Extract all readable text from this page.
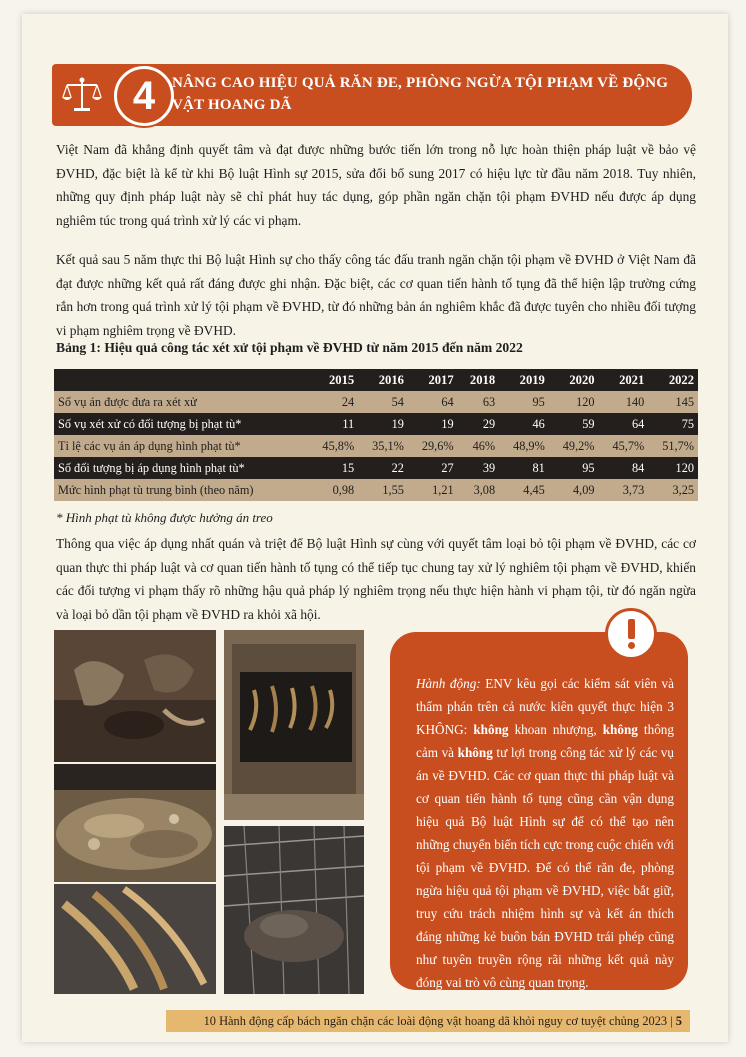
4	NÂNG CAO HIỆU QUẢ RĂN ĐE, PHÒNG NGỪA TỘI PHẠM VỀ ĐỘNG VẬT HOANG DÃ
Việt Nam đã khẳng định quyết tâm và đạt được những bước tiến lớn trong nỗ lực hoàn thiện pháp luật về bảo vệ ĐVHD, đặc biệt là kể từ khi Bộ luật Hình sự 2015, sửa đổi bổ sung 2017 có hiệu lực từ đầu năm 2018. Tuy nhiên, những quy định pháp luật này sẽ chỉ phát huy tác dụng, góp phần ngăn chặn tội phạm ĐVHD nếu được áp dụng nghiêm túc trong quá trình xử lý các vi phạm.
Kết quả sau 5 năm thực thi Bộ luật Hình sự cho thấy công tác đấu tranh ngăn chặn tội phạm về ĐVHD ở Việt Nam đã đạt được những kết quả rất đáng được ghi nhận. Đặc biệt, các cơ quan tiến hành tố tụng đã thể hiện lập trường cứng rắn hơn trong quá trình xử lý tội phạm về ĐVHD, từ đó những bản án nghiêm khắc đã được tuyên cho nhiều đối tượng vi phạm nghiêm trọng về ĐVHD.
Bảng 1: Hiệu quả công tác xét xử tội phạm về ĐVHD từ năm 2015 đến năm 2022
	2015	2016	2017	2018	2019	2020	2021	2022
Số vụ án được đưa ra xét xử	24	54	64	63	95	120	140	145
Số vụ xét xử có đối tượng bị phạt tù*	11	19	19	29	46	59	64	75
Tỉ lệ các vụ án áp dụng hình phạt tù*	45,8%	35,1%	29,6%	46%	48,9%	49,2%	45,7%	51,7%
Số đối tượng bị áp dụng hình phạt tù*	15	22	27	39	81	95	84	120
Mức hình phạt tù trung bình (theo năm)	0,98	1,55	1,21	3,08	4,45	4,09	3,73	3,25
* Hình phạt tù không được hưởng án treo
Thông qua việc áp dụng nhất quán và triệt để Bộ luật Hình sự cùng với quyết tâm loại bỏ tội phạm về ĐVHD, các cơ quan thực thi pháp luật và cơ quan tiến hành tố tụng có thể tiếp tục chung tay xử lý nghiêm tội phạm về ĐVHD, khiến các đối tượng vi phạm thấy rõ những hậu quả pháp lý nghiêm trọng nếu thực hiện hành vi phạm tội, từ đó ngăn ngừa và loại bỏ dần tội phạm về ĐVHD ra khỏi xã hội.
Hành động: ENV kêu gọi các kiểm sát viên và thẩm phán trên cả nước kiên quyết thực hiện 3 KHÔNG: không khoan nhượng, không thông cảm và không tư lợi trong công tác xử lý các vụ án về ĐVHD. Các cơ quan thực thi pháp luật và cơ quan tiến hành tố tụng cũng cần vận dụng hiệu quả Bộ luật Hình sự để có thể tạo nên những chuyển biến tích cực trong cuộc chiến với tội phạm về ĐVHD. Để có thể răn đe, phòng ngừa hiệu quả tội phạm về ĐVHD, việc bắt giữ, truy cứu trách nhiệm hình sự và kết án thích đáng những kẻ buôn bán ĐVHD trái phép cũng như tuyên truyền rộng rãi những kết quả này đóng vai trò vô cùng quan trọng.
10 Hành động cấp bách ngăn chặn các loài động vật hoang dã khỏi nguy cơ tuyệt chủng 2023 | 5
